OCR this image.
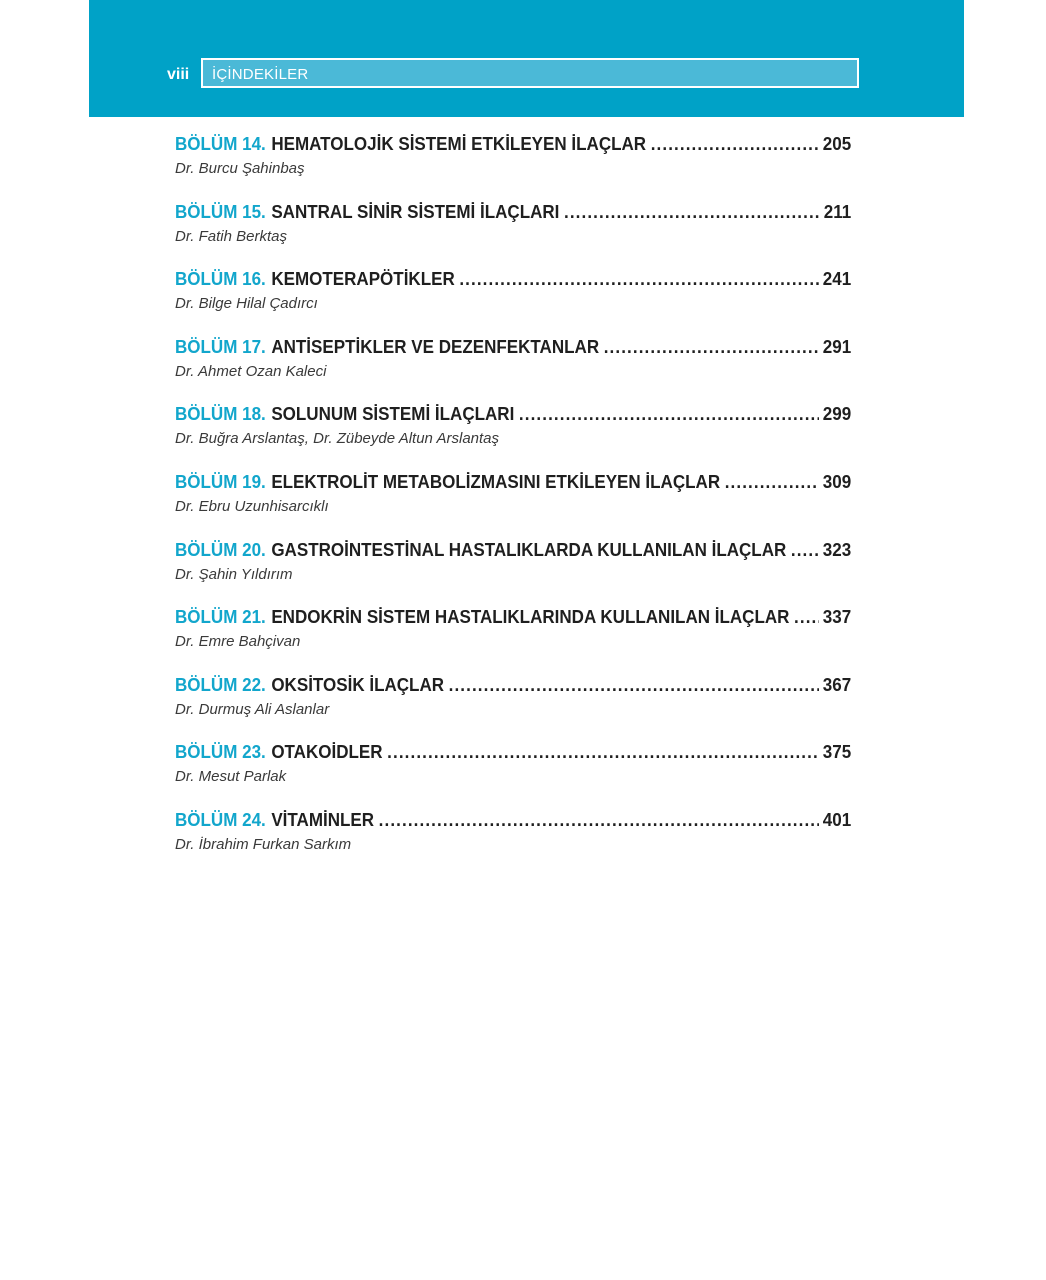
viii İÇİNDEKİLER
BÖLÜM 14. HEMATOLOJİK SİSTEMİ ETKİLEYEN İLAÇLAR .....	205
Dr. Burcu Şahinbaş
BÖLÜM 15. SANTRAL SİNİR SİSTEMİ İLAÇLARI .....	211
Dr. Fatih Berktaş
BÖLÜM 16. KEMOTERAPÖTİKLER .....	241
Dr. Bilge Hilal Çadırcı
BÖLÜM 17. ANTİSEPTİKLER VE DEZENFEKTANLAR .....	291
Dr. Ahmet Ozan Kaleci
BÖLÜM 18. SOLUNUM SİSTEMİ İLAÇLARI .....	299
Dr. Buğra Arslantaş, Dr. Zübeyde Altun Arslantaş
BÖLÜM 19. ELEKTROLİT METABOLİZMASINI ETKİLEYEN İLAÇLAR .....	309
Dr. Ebru Uzunhisarcıklı
BÖLÜM 20. GASTROİNTESTİNAL HASTALIKLARDA KULLANILAN İLAÇLAR ..... 323
Dr. Şahin Yıldırım
BÖLÜM 21. ENDOKRİN SİSTEM HASTALIKLARINDA KULLANILAN İLAÇLAR ..... 337
Dr. Emre Bahçivan
BÖLÜM 22. OKSİTOSİK İLAÇLAR .....	367
Dr. Durmuş Ali Aslanlar
BÖLÜM 23. OTAKOİDLER .....	375
Dr. Mesut Parlak
BÖLÜM 24. VİTAMİNLER .....	401
Dr. İbrahim Furkan Sarkım
